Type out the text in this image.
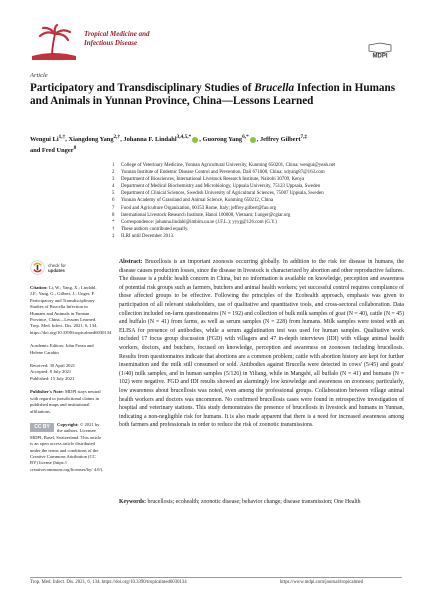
Tropical Medicine and
Infectious Disease
MDPI
Article
Participatory and Transdisciplinary Studies of Brucella Infection in Humans and Animals in Yunnan Province, China—Lessons Learned
Wengui $Li^{1,\dagger}$, Xiangdong Yang$^{2,\dagger}$, Johanna F. Lindahl$^{3,4,5,*}$ , Guorong Yang$^{6,*}$ , Jeffrey Gilbert$^{7,\ddagger}$
and Fred Unger$^8$
1	College of Veterinary Medicine, Yunnan Agricultural University, Kunming 650201, China; wengui@yeah.net
2	Yunnan Institute of Endemic Disease Control and Prevention, Dali 671000, China; xdyang87@163.com
3	Department of Biosciences, International Livestock Research Institute, Nairobi 30709, Kenya
4	Department of Medical Biochemistry and Microbiology, Uppsala University, 75123 Uppsala, Sweden
5	Department of Clinical Sciences, Swedish University of Agricultural Sciences, 75007 Uppsala, Sweden
6	Yunnan Academy of Grassland and Animal Science, Kunming 650212, China
7	Food and Agriculture Organization, 00153 Rome, Italy; jeffrey.gilbert@fao.org
8	International Livestock Research Institute, Hanoi 100000, Vietnam; f.unger@cgiar.org
*	Correspondence: johanna.lindahl@imbim.uu.se (J.F.L.); yyyg@126.com (G.Y.)
†	These authors contributed equally.
‡	ILRI until December 2013.
check for
updates
Citation: Li, W.; Yang, X.; Lindahl, J.F.; Yang, G.; Gilbert, J.; Unger, F. Participatory and Transdisciplinary Studies of Brucella Infection in Humans and Animals in Yunnan Province, China—Lessons Learned. Trop. Med. Infect. Dis. 2021, 6, 134. https://doi.org/10.3390/tropicalmed6030134
Academic Editors: John Frean and Helene Carabin
Received: 30 April 2021
Accepted: 8 July 2021
Published: 15 July 2021
Publisher's Note: MDPI stays neutral with regard to jurisdictional claims in published maps and institutional affiliations.
CC BY	Copyright: © 2021 by the authors. Licensee MDPI, Basel, Switzerland. This article is an open access article distributed under the terms and conditions of the Creative Commons Attribution (CC BY) license (https:// creativecommons.org/licenses/by/ 4.0/).
Abstract: Brucellosis is an important zoonosis occurring globally. In addition to the risk for disease in humans, the disease causes production losses, since the disease in livestock is characterized by abortion and other reproductive failures. The disease is a public health concern in China, but no information is available on knowledge, perception and awareness of potential risk groups such as farmers, butchers and animal health workers; yet successful control requires compliance of those affected groups to be effective. Following the principles of the Ecohealth approach, emphasis was given to participation of all relevant stakeholders, use of qualitative and quantitative tools, and cross-sectoral collaboration. Data collection included on-farm questionnaires (N = 192) and collection of bulk milk samples of goat (N = 40), cattle (N = 45) and buffalo (N = 41) from farms, as well as serum samples (N = 228) from humans. Milk samples were tested with an ELISA for presence of antibodies, while a serum agglutination test was used for human samples. Qualitative work included 17 focus group discussion (FGD) with villagers and 47 in-depth interviews (IDI) with village animal health workers, doctors, and butchers, focused on knowledge, perception and awareness on zoonoses including brucellosis. Results from questionnaires indicate that abortions are a common problem; cattle with abortion history are kept for further insemination and the milk still consumed or sold. Antibodies against Brucella were detected in cows' (5/45) and goats' (1/40) milk samples, and in human samples (5/126) in Yiliang, while in Mangshi, all buffalo (N = 41) and humans (N = 102) were negative. FGD and IDI results showed an alarmingly low knowledge and awareness on zoonoses; particularly, low awareness about brucellosis was noted, even among the professional groups. Collaboration between village animal health workers and doctors was uncommon. No confirmed brucellosis cases were found in retrospective investigation of hospital and veterinary stations. This study demonstrates the presence of brucellosis in livestock and humans in Yunnan, indicating a non-negligible risk for humans. It is also made apparent that there is a need for increased awareness among both farmers and professionals in order to reduce the risk of zoonotic transmissions.
Keywords: brucellosis; ecohealth; zoonotic disease; behavior change; disease transmission; One Health
Trop. Med. Infect. Dis. 2021, 6, 134. https://doi.org/10.3390/tropicalmed6030134	https://www.mdpi.com/journal/tropicalmed
